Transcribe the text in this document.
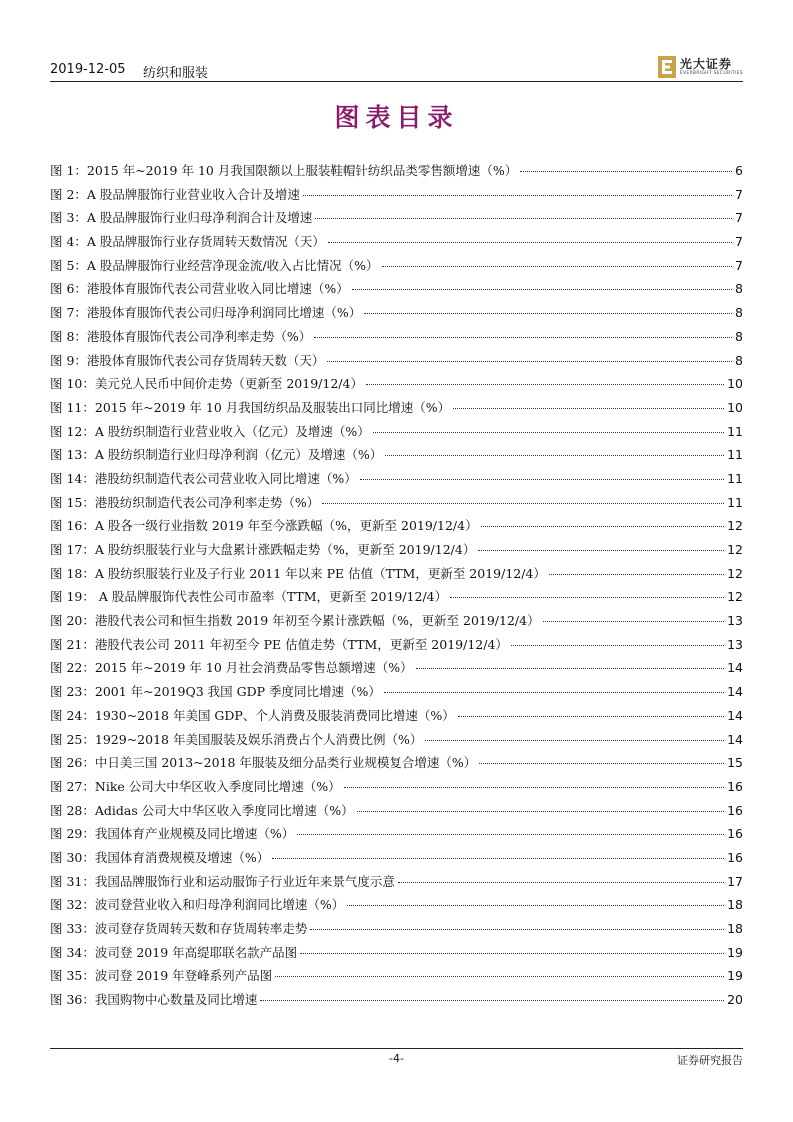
2019-12-05 纺织和服装
光大证券
EVERBRIGHT SECURITIES
图表目录
图 1：2015 年~2019 年 10 月我国限额以上服装鞋帽针纺织品类零售额增速（%）	6
图 2：A 股品牌服饰行业营业收入合计及增速	7
图 3：A 股品牌服饰行业归母净利润合计及增速	7
图 4：A 股品牌服饰行业存货周转天数情况（天）	7
图 5：A 股品牌服饰行业经营净现金流/收入占比情况（%）	7
图 6：港股体育服饰代表公司营业收入同比增速（%）	8
图 7：港股体育服饰代表公司归母净利润同比增速（%）	8
图 8：港股体育服饰代表公司净利率走势（%）	8
图 9：港股体育服饰代表公司存货周转天数（天）	8
图 10：美元兑人民币中间价走势（更新至 2019/12/4）	10
图 11：2015 年~2019 年 10 月我国纺织品及服装出口同比增速（%）	10
图 12：A 股纺织制造行业营业收入（亿元）及增速（%）	11
图 13：A 股纺织制造行业归母净利润（亿元）及增速（%）	11
图 14：港股纺织制造代表公司营业收入同比增速（%）	11
图 15：港股纺织制造代表公司净利率走势（%）	11
图 16：A 股各一级行业指数 2019 年至今涨跌幅（%，更新至 2019/12/4）	12
图 17：A 股纺织服装行业与大盘累计涨跌幅走势（%，更新至 2019/12/4）	12
图 18：A 股纺织服装行业及子行业 2011 年以来 PE 估值（TTM，更新至 2019/12/4）	12
图 19： A 股品牌服饰代表性公司市盈率（TTM，更新至 2019/12/4）	12
图 20：港股代表公司和恒生指数 2019 年初至今累计涨跌幅（%，更新至 2019/12/4）	13
图 21：港股代表公司 2011 年初至今 PE 估值走势（TTM，更新至 2019/12/4）	13
图 22：2015 年~2019 年 10 月社会消费品零售总额增速（%）	14
图 23：2001 年~2019Q3 我国 GDP 季度同比增速（%）	14
图 24：1930~2018 年美国 GDP、个人消费及服装消费同比增速（%）	14
图 25：1929~2018 年美国服装及娱乐消费占个人消费比例（%）	14
图 26：中日美三国 2013~2018 年服装及细分品类行业规模复合增速（%）	15
图 27：Nike 公司大中华区收入季度同比增速（%）	16
图 28：Adidas 公司大中华区收入季度同比增速（%）	16
图 29：我国体育产业规模及同比增速（%）	16
图 30：我国体育消费规模及增速（%）	16
图 31：我国品牌服饰行业和运动服饰子行业近年来景气度示意	17
图 32：波司登营业收入和归母净利润同比增速（%）	18
图 33：波司登存货周转天数和存货周转率走势	18
图 34：波司登 2019 年高缇耶联名款产品图	19
图 35：波司登 2019 年登峰系列产品图	19
图 36：我国购物中心数量及同比增速	20
-4-	证券研究报告
